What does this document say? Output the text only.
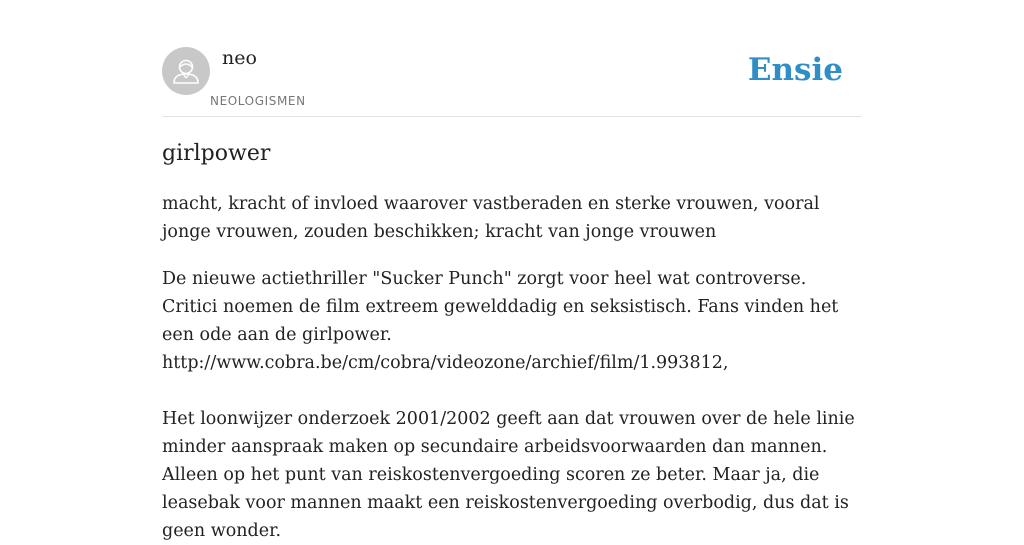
neo
NEOLOGISMEN
Ensie
girlpower

macht, kracht of invloed waarover vastberaden en sterke vrouwen, vooral jonge vrouwen, zouden beschikken; kracht van jonge vrouwen

De nieuwe actiethriller "Sucker Punch" zorgt voor heel wat controverse. Critici noemen de film extreem gewelddadig en seksistisch. Fans vinden het een ode aan de girlpower.
http://www.cobra.be/cm/cobra/videozone/archief/film/1.993812,
Het loonwijzer onderzoek 2001/2002 geeft aan dat vrouwen over de hele linie minder aanspraak maken op secundaire arbeidsvoorwaarden dan mannen. Alleen op het punt van reiskostenvergoeding scoren ze beter. Maar ja, die leasebak voor mannen maakt een reiskostenvergoeding overbodig, dus dat is geen wonder.
